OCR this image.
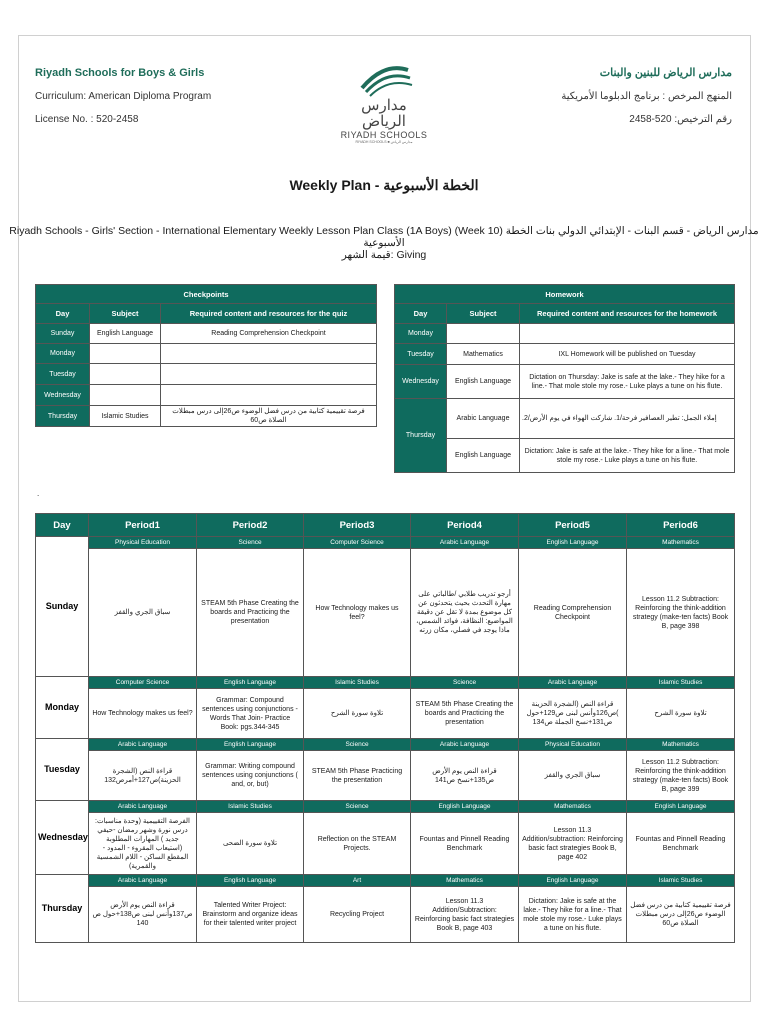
Riyadh Schools for Boys & Girls
Curriculum: American Diploma Program
License No. : 520-2458
مدارس الرياض
RIYADH SCHOOLS
RIYADH SCHOOLS ■ مدارس الرياض
مدارس الرياض للبنين والبنات
المنهج المرخص : برنامج الدبلوما الأمريكية
رقم الترخيص: 520-2458
Weekly Plan - الخطة الأسبوعية
Riyadh Schools - Girls' Section - International Elementary Weekly Lesson Plan Class (1A Boys) (Week 10) مدارس الرياض - قسم البنات - الإبتدائي الدولي بنات الخطة الأسبوعية
قيمة الشهر: Giving
Checkpoints		
Day	Subject	Required content and resources for the quiz
Sunday	English Language	Reading Comprehension Checkpoint
Monday		
Tuesday		
Wednesday		
Thursday	Islamic Studies	فرصة تقييمية كتابية من درس فضل الوضوء ص26إلى درس مبطلات الصلاة ص60
Homework		
Day	Subject	Required content and resources for the homework
Monday		
Tuesday	Mathematics	IXL Homework will be published on Tuesday
Wednesday	English Language	Dictation on Thursday: Jake is safe at the lake.- They hike for a line.- That mole stole my rose.- Luke plays a tune on his flute.
Thursday	Arabic Language	إملاء الجمل: تطير العصافير فرحة/1. شاركت الهواء في يوم الأرض/2.
	English Language	Dictation: Jake is safe at the lake.- They hike for a line.- That mole stole my rose.- Luke plays a tune on his flute.
.
Day	Period1	Period2	Period3	Period4	Period5	Period6
Sunday	Physical Education	Science	Computer Science	Arabic Language	English Language	Mathematics
	سباق الجري والقفز	STEAM 5th Phase Creating the boards and Practicing the presentation	How Technology makes us feel?	أرجو تدريب طلابي /طالباتي على مهارة التحدث بحيث يتحدثون عن كل موضوع بمدة لا تقل عن دقيقة المواضيع: النظافة، فوائد الشمس، ماذا يوجد في فصلي، مكان زرته	Reading Comprehension Checkpoint	Lesson 11.2 Subtraction: Reinforcing the think-addition strategy (make-ten facts) Book B, page 398
Monday	Computer Science	English Language	Islamic Studies	Science	Arabic Language	Islamic Studies
	How Technology makes us feel?	Grammar: Compound sentences using conjunctions - Words That Join- Practice Book: pgs.344-345	تلاوة سورة الشرح	STEAM 5th Phase Creating the boards and Practicing the presentation	قراءة النص (الشجرة الحزينة )ص126وأنس لبنى ص129+حول ص131+نسخ الجملة ص134	تلاوة سورة الشرح
Tuesday	Arabic Language	English Language	Science	Arabic Language	Physical Education	Mathematics
	قراءة النص (الشجرة الحزينة)ص127+أمرص132	Grammar: Writing compound sentences using conjunctions ( and, or, but)	STEAM 5th Phase Practicing the presentation	قراءة النص يوم الأرض ص135+نسخ ص141	سباق الجري والقفز	Lesson 11.2 Subtraction: Reinforcing the think-addition strategy (make-ten facts) Book B, page 399
Wednesday	Arabic Language	Islamic Studies	Science	English Language	Mathematics	English Language
	الفرصة التقييمية (وحدة مناسبات: درس نورة وشهر رمضان -حيفي جديد ) المهارات المطلوبة (استيعاب المقروء - المدود - المقطع الساكن - اللام الشمسية والقمرية)	تلاوة سورة الضحى	Reflection on the STEAM Projects.	Fountas and Pinnell Reading Benchmark	Lesson 11.3 Addition/subtraction: Reinforcing basic fact strategies Book B, page 402	Fountas and Pinnell Reading Benchmark
Thursday	Arabic Language	English Language	Art	Mathematics	English Language	Islamic Studies
	قراءة النص يوم الأرض ص137وأنس لبنى ص138+حول ص 140	Talented Writer Project: Brainstorm and organize ideas for their talented writer project	Recycling Project	Lesson 11.3 Addition/Subtraction: Reinforcing basic fact strategies Book B, page 403	Dictation: Jake is safe at the lake.- They hike for a line.- That mole stole my rose.- Luke plays a tune on his flute.	فرصة تقييمية كتابية من درس فضل الوضوء ص26إلى درس مبطلات الصلاة ص60
